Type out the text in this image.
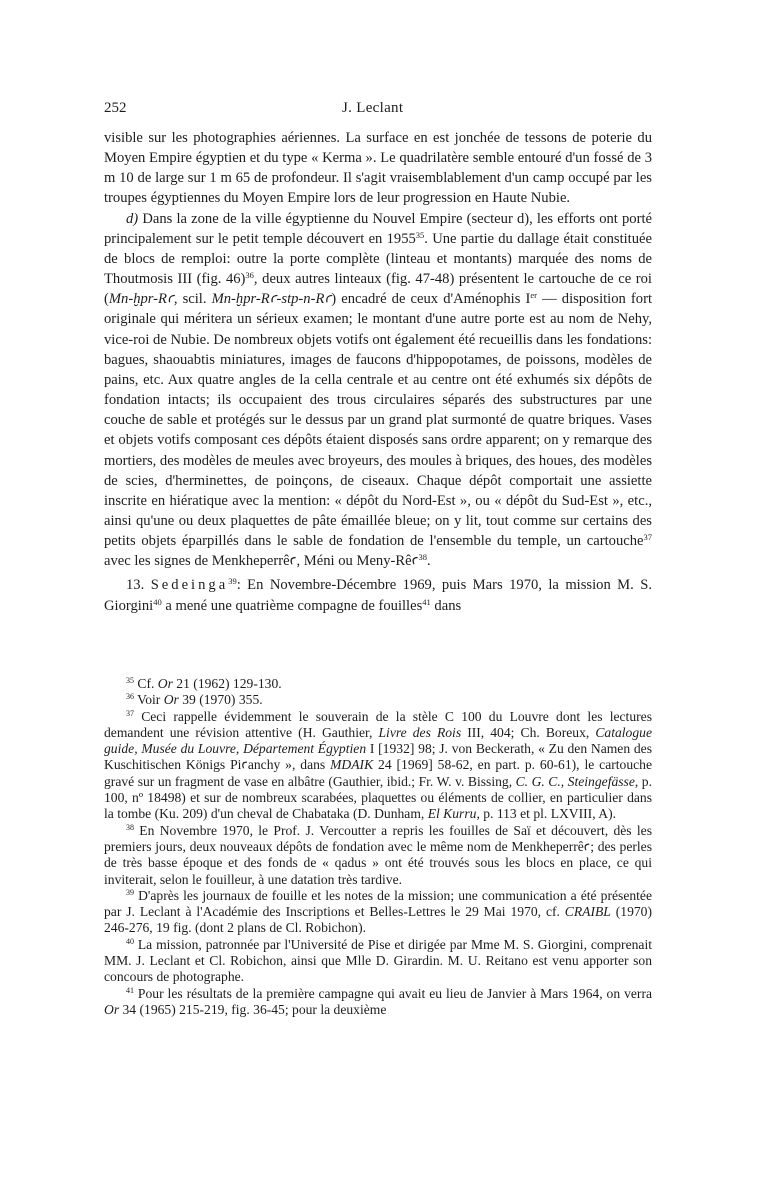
252	J. Leclant

visible sur les photographies aériennes. La surface en est jonchée de tessons de poterie du Moyen Empire égyptien et du type « Kerma ». Le quadrilatère semble entouré d'un fossé de 3 m 10 de large sur 1 m 65 de profondeur. Il s'agit vraisemblablement d'un camp occupé par les troupes égyptiennes du Moyen Empire lors de leur progression en Haute Nubie.

d) Dans la zone de la ville égyptienne du Nouvel Empire (secteur d), les efforts ont porté principalement sur le petit temple découvert en 1955$^{35}$. Une partie du dallage était constituée de blocs de remploi: outre la porte complète (linteau et montants) marquée des noms de Thoutmosis III (fig. 46)$^{36}$, deux autres linteaux (fig. 47-48) présentent le cartouche de ce roi (Mn-ḫpr-Rꜥ, scil. Mn-ḫpr-Rꜥ-stp-n-Rꜥ) encadré de ceux d'Aménophis Ier — disposition fort originale qui méritera un sérieux examen; le montant d'une autre porte est au nom de Nehy, vice-roi de Nubie. De nombreux objets votifs ont également été recueillis dans les fondations: bagues, shaouabtis miniatures, images de faucons d'hippopotames, de poissons, modèles de pains, etc. Aux quatre angles de la cella centrale et au centre ont été exhumés six dépôts de fondation intacts; ils occupaient des trous circulaires séparés des substructures par une couche de sable et protégés sur le dessus par un grand plat surmonté de quatre briques. Vases et objets votifs composant ces dépôts étaient disposés sans ordre apparent; on y remarque des mortiers, des modèles de meules avec broyeurs, des moules à briques, des houes, des modèles de scies, d'herminettes, de poinçons, de ciseaux. Chaque dépôt comportait une assiette inscrite en hiératique avec la mention: « dépôt du Nord-Est », ou « dépôt du Sud-Est », etc., ainsi qu'une ou deux plaquettes de pâte émaillée bleue; on y lit, tout comme sur certains des petits objets éparpillés dans le sable de fondation de l'ensemble du temple, un cartouche$^{37}$ avec les signes de Menkheperrêꜥ, Méni ou Meny-Rêꜥ$^{38}$.

13. Sedeinga$^{39}$: En Novembre-Décembre 1969, puis Mars 1970, la mission M. S. Giorgini$^{40}$ a mené une quatrième compagne de fouilles$^{41}$ dans

$^{35}$ Cf. Or 21 (1962) 129-130.

$^{36}$ Voir Or 39 (1970) 355.

$^{37}$ Ceci rappelle évidemment le souverain de la stèle C 100 du Louvre dont les lectures demandent une révision attentive (H. Gauthier, Livre des Rois III, 404; Ch. Boreux, Catalogue guide, Musée du Louvre, Département Égyptien I [1932] 98; J. von Beckerath, « Zu den Namen des Kuschitischen Königs Piꜥanchy », dans MDAIK 24 [1969] 58-62, en part. p. 60-61), le cartouche gravé sur un fragment de vase en albâtre (Gauthier, ibid.; Fr. W. v. Bissing, C. G. C., Steingefässe, p. 100, nº 18498) et sur de nombreux scarabées, plaquettes ou éléments de collier, en particulier dans la tombe (Ku. 209) d'un cheval de Chabataka (D. Dunham, El Kurru, p. 113 et pl. LXVIII, A).

$^{38}$ En Novembre 1970, le Prof. J. Vercoutter a repris les fouilles de Saï et découvert, dès les premiers jours, deux nouveaux dépôts de fondation avec le même nom de Menkheperrêꜥ; des perles de très basse époque et des fonds de « qadus » ont été trouvés sous les blocs en place, ce qui inviterait, selon le fouilleur, à une datation très tardive.

$^{39}$ D'après les journaux de fouille et les notes de la mission; une communication a été présentée par J. Leclant à l'Académie des Inscriptions et Belles-Lettres le 29 Mai 1970, cf. CRAIBL (1970) 246-276, 19 fig. (dont 2 plans de Cl. Robichon).

$^{40}$ La mission, patronnée par l'Université de Pise et dirigée par Mme M. S. Giorgini, comprenait MM. J. Leclant et Cl. Robichon, ainsi que Mlle D. Girardin. M. U. Reitano est venu apporter son concours de photographe.

$^{41}$ Pour les résultats de la première campagne qui avait eu lieu de Janvier à Mars 1964, on verra Or 34 (1965) 215-219, fig. 36-45; pour la deuxième
